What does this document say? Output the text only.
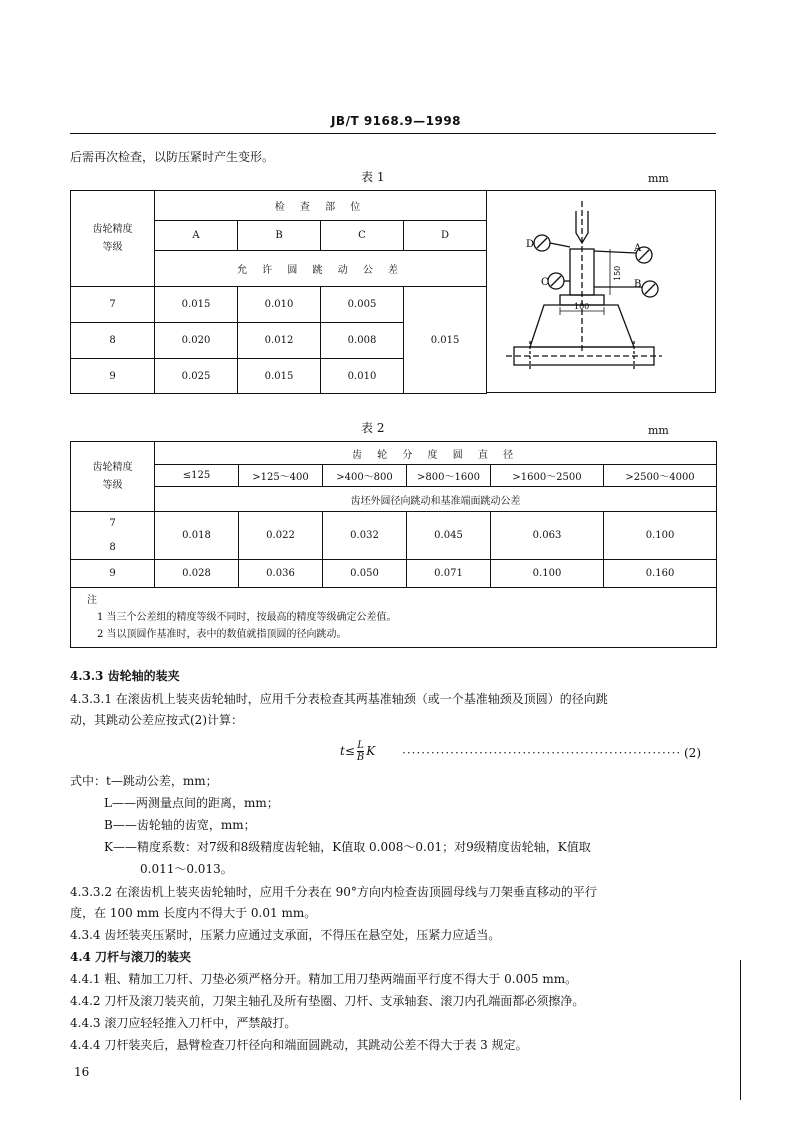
JB/T 9168.9—1998
后需再次检查，以防压紧时产生变形。
表 1	mm
齿轮精度
等级	检 查 部 位			
	A	B	C	D
	允 许 圆 跳 动 公 差			
7	0.015	0.010	0.005	0.015
8	0.020	0.012	0.008	
9	0.025	0.015	0.010	
D	A
C	B
150
100
表 2	mm
齿轮精度
等级	齿 轮 分 度 圆 直 径					
	≤125	>125～400	>400～800	>800～1600	>1600～2500	>2500～4000
	齿坯外圆径向跳动和基准端面跳动公差					
7	0.018	0.022	0.032	0.045	0.063	0.100
8						
9	0.028	0.036	0.050	0.071	0.100	0.160

注
1 当三个公差组的精度等级不同时，按最高的精度等级确定公差值。
2 当以顶圆作基准时，表中的数值就指顶圆的径向跳动。						
4.3.3 齿轮轴的装夹
4.3.3.1 在滚齿机上装夹齿轮轴时，应用千分表检查其两基准轴颈（或一个基准轴颈及顶圆）的径向跳
动，其跳动公差应按式(2)计算：
$t\le \frac{L}{B}$ K ·························································· (2)
式中：t—跳动公差，mm；
L——两测量点间的距离，mm；
B——齿轮轴的齿宽，mm；
K——精度系数：对7级和8级精度齿轮轴，K值取 0.008～0.01；对9级精度齿轮轴，K值取
0.011～0.013。
4.3.3.2 在滚齿机上装夹齿轮轴时，应用千分表在 90°方向内检查齿顶圆母线与刀架垂直移动的平行
度，在 100 mm 长度内不得大于 0.01 mm。
4.3.4 齿坯装夹压紧时，压紧力应通过支承面，不得压在悬空处，压紧力应适当。
4.4 刀杆与滚刀的装夹
4.4.1 粗、精加工刀杆、刀垫必须严格分开。精加工用刀垫两端面平行度不得大于 0.005 mm。
4.4.2 刀杆及滚刀装夹前，刀架主轴孔及所有垫圈、刀杆、支承轴套、滚刀内孔端面都必须擦净。
4.4.3 滚刀应轻轻推入刀杆中，严禁敲打。
4.4.4 刀杆装夹后，悬臂检查刀杆径向和端面圆跳动，其跳动公差不得大于表 3 规定。
16
